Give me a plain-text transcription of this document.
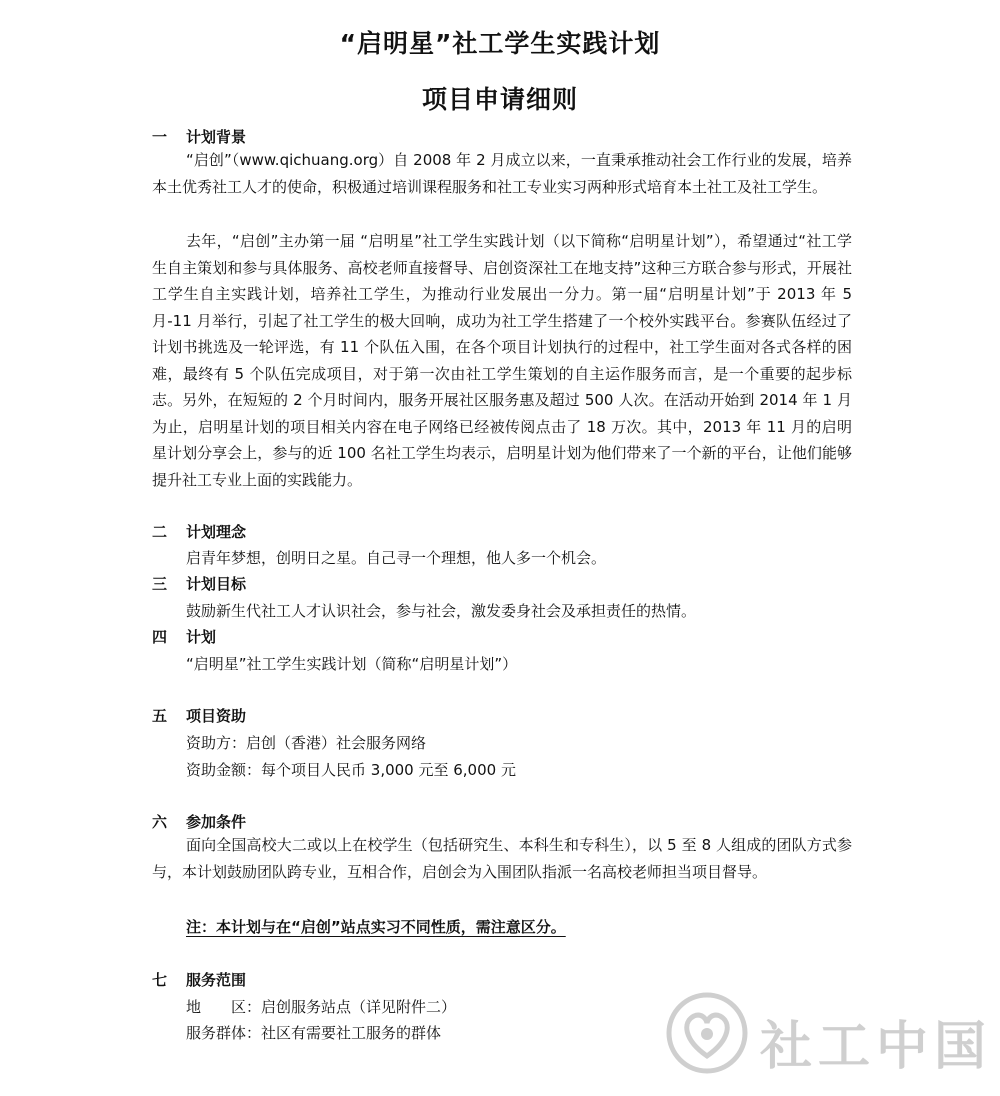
“启明星”社工学生实践计划
项目申请细则
一 计划背景
“启创”（www.qichuang.org）自 2008 年 2 月成立以来，一直秉承推动社会工作行业的发展，培养本土优秀社工人才的使命，积极通过培训课程服务和社工专业实习两种形式培育本土社工及社工学生。
去年，“启创”主办第一届 “启明星”社工学生实践计划（以下简称“启明星计划”），希望通过“社工学生自主策划和参与具体服务、高校老师直接督导、启创资深社工在地支持”这种三方联合参与形式，开展社工学生自主实践计划，培养社工学生，为推动行业发展出一分力。第一届“启明星计划”于 2013 年 5 月-11 月举行，引起了社工学生的极大回响，成功为社工学生搭建了一个校外实践平台。参赛队伍经过了计划书挑选及一轮评选，有 11 个队伍入围，在各个项目计划执行的过程中，社工学生面对各式各样的困难，最终有 5 个队伍完成项目，对于第一次由社工学生策划的自主运作服务而言，是一个重要的起步标志。另外，在短短的 2 个月时间内，服务开展社区服务惠及超过 500 人次。在活动开始到 2014 年 1 月为止，启明星计划的项目相关内容在电子网络已经被传阅点击了 18 万次。其中，2013 年 11 月的启明星计划分享会上，参与的近 100 名社工学生均表示，启明星计划为他们带来了一个新的平台，让他们能够提升社工专业上面的实践能力。
二 计划理念
启青年梦想，创明日之星。自己寻一个理想，他人多一个机会。
三 计划目标
鼓励新生代社工人才认识社会，参与社会，激发委身社会及承担责任的热情。
四 计划
“启明星”社工学生实践计划（简称“启明星计划”）
五 项目资助
资助方：启创（香港）社会服务网络
资助金额：每个项目人民币 3,000 元至 6,000 元
六 参加条件
面向全国高校大二或以上在校学生（包括研究生、本科生和专科生），以 5 至 8 人组成的团队方式参与，本计划鼓励团队跨专业，互相合作，启创会为入围团队指派一名高校老师担当项目督导。
注：本计划与在“启创”站点实习不同性质，需注意区分。
七 服务范围
地　　区：启创服务站点（详见附件二）
服务群体：社区有需要社工服务的群体	社工中国
